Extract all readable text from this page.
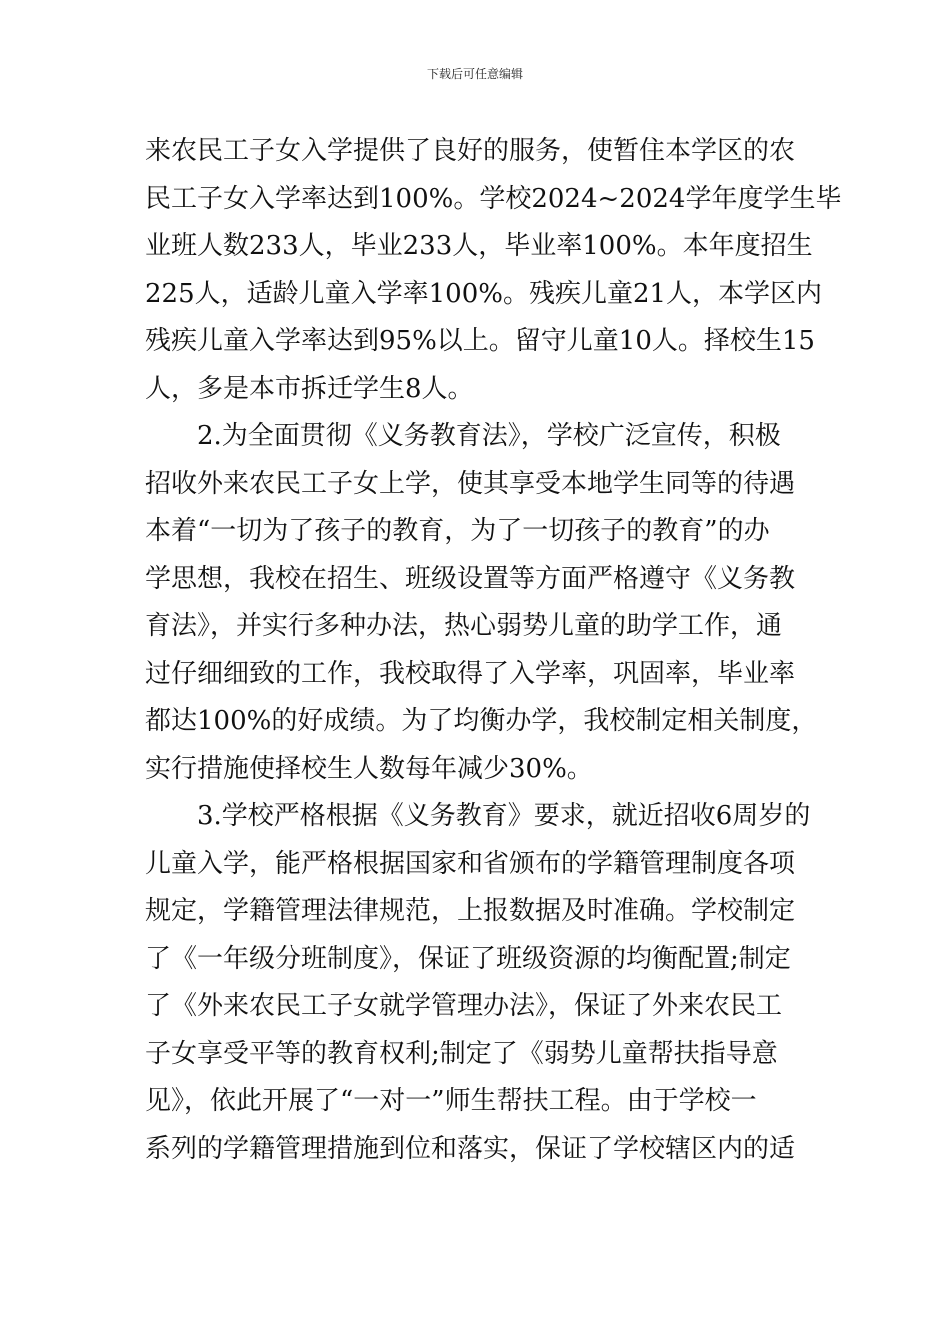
下载后可任意编辑
来农民工子女入学提供了良好的服务，使暂住本学区的农
民工子女入学率达到100%。学校2024~2024学年度学生毕
业班人数233人，毕业233人，毕业率100%。本年度招生
225人，适龄儿童入学率100%。残疾儿童21人，本学区内
残疾儿童入学率达到95%以上。留守儿童10人。择校生15
人，多是本市拆迁学生8人。
2.为全面贯彻《义务教育法》，学校广泛宣传，积极
招收外来农民工子女上学，使其享受本地学生同等的待遇
本着“一切为了孩子的教育，为了一切孩子的教育”的办
学思想，我校在招生、班级设置等方面严格遵守《义务教
育法》，并实行多种办法，热心弱势儿童的助学工作，通
过仔细细致的工作，我校取得了入学率，巩固率，毕业率
都达100%的好成绩。为了均衡办学，我校制定相关制度，
实行措施使择校生人数每年减少30%。
3.学校严格根据《义务教育》要求，就近招收6周岁的
儿童入学，能严格根据国家和省颁布的学籍管理制度各项
规定，学籍管理法律规范，上报数据及时准确。学校制定
了《一年级分班制度》，保证了班级资源的均衡配置;制定
了《外来农民工子女就学管理办法》，保证了外来农民工
子女享受平等的教育权利;制定了《弱势儿童帮扶指导意
见》，依此开展了“一对一”师生帮扶工程。由于学校一
系列的学籍管理措施到位和落实，保证了学校辖区内的适
